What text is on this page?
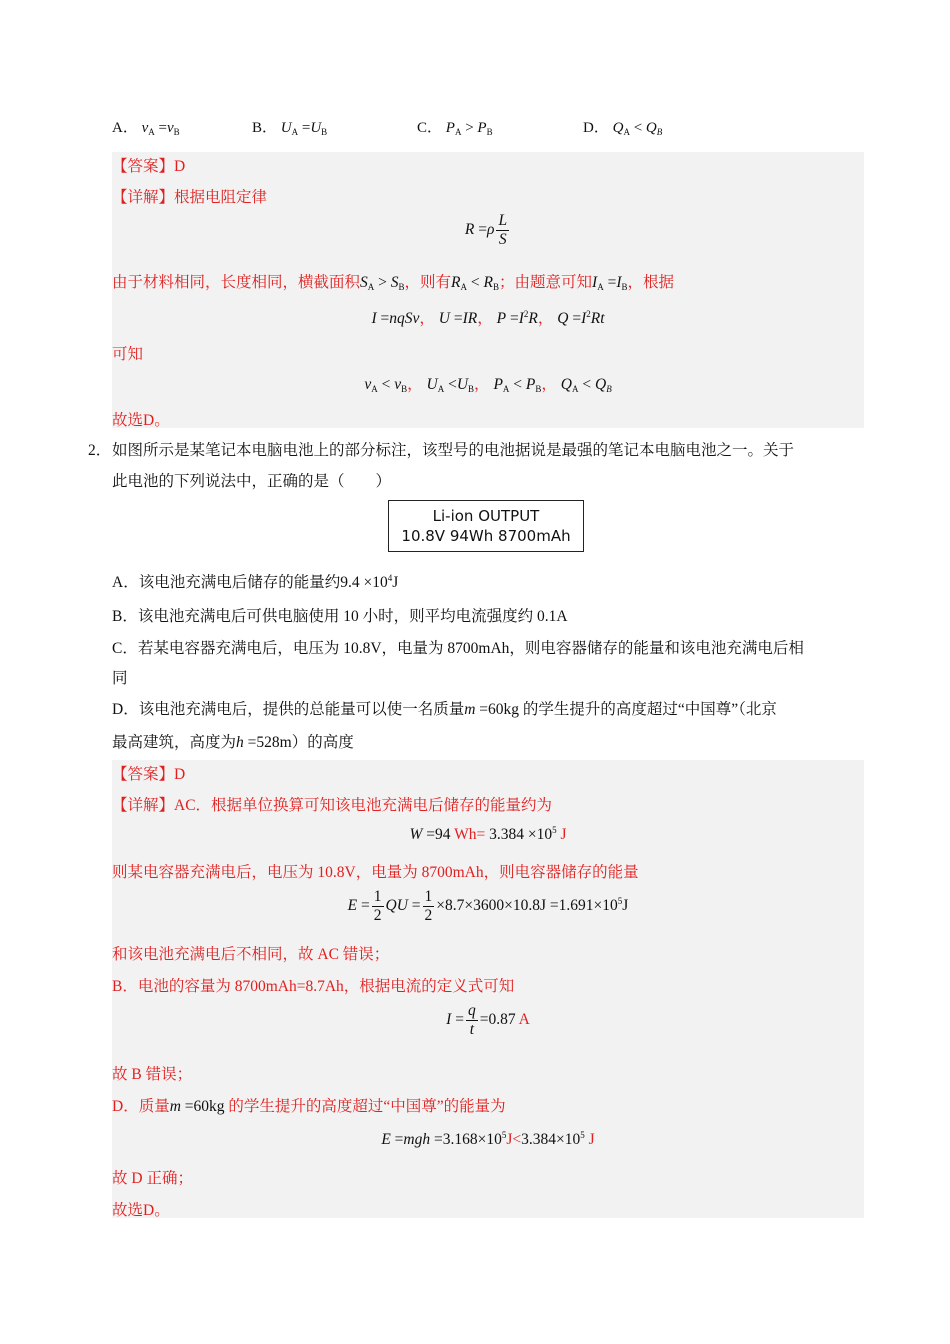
A． $v_A =v_B$	B． $U_A =U_B$	C． $P_A > P_B$	D． $Q_A < Q_B$
【答案】D
【详解】根据电阻定律
$R =\rho \frac{L}{S}$
由于材料相同，长度相同，横截面积$S_A > S_B$，则有$R_A < R_B$；由题意可知$I_A =I_B$，根据
I =nqSv， U =IR， $P =I^2R$， $Q =I^2Rt$
可知
$v_A < v_B$， $U_A <U_B$， $P_A < P_B$， $Q_A < Q_B$
故选D。
2． 如图所示是某笔记本电脑电池上的部分标注，该型号的电池据说是最强的笔记本电脑电池之一。关于
此电池的下列说法中，正确的是（　　）
Li-ion OUTPUT
10.8V 94Wh 8700mAh
A．该电池充满电后储存的能量约$9.4 \times 10^4J$
B．该电池充满电后可供电脑使用 10 小时，则平均电流强度约 0.1A
C．若某电容器充满电后，电压为 10.8V，电量为 8700mAh，则电容器储存的能量和该电池充满电后相
同
D．该电池充满电后，提供的总能量可以使一名质量m =60kg 的学生提升的高度超过“中国尊”（北京
最高建筑，高度为h =528m）的高度
【答案】D
【详解】AC．根据单位换算可知该电池充满电后储存的能量约为
W =94 $Wh= 3.384 \times 10^5$ J
则某电容器充满电后，电压为 10.8V，电量为 8700mAh，则电容器储存的能量
$E = \frac{1}{2}$ QU = $\frac{1}{2} \times 8.7\times 3600\times 10.8J =1.691\times 10^5J$
和该电池充满电后不相同，故 AC 错误；
B．电池的容量为 8700mAh=8.7Ah，根据电流的定义式可知
$I = \frac{q}{t} =0.87$ A
故 B 错误；
D．质量m =60kg 的学生提升的高度超过“中国尊”的能量为
$E =mgh =3.168\times 10^5J<3.384\times 10^5$ J
故 D 正确；
故选D。
